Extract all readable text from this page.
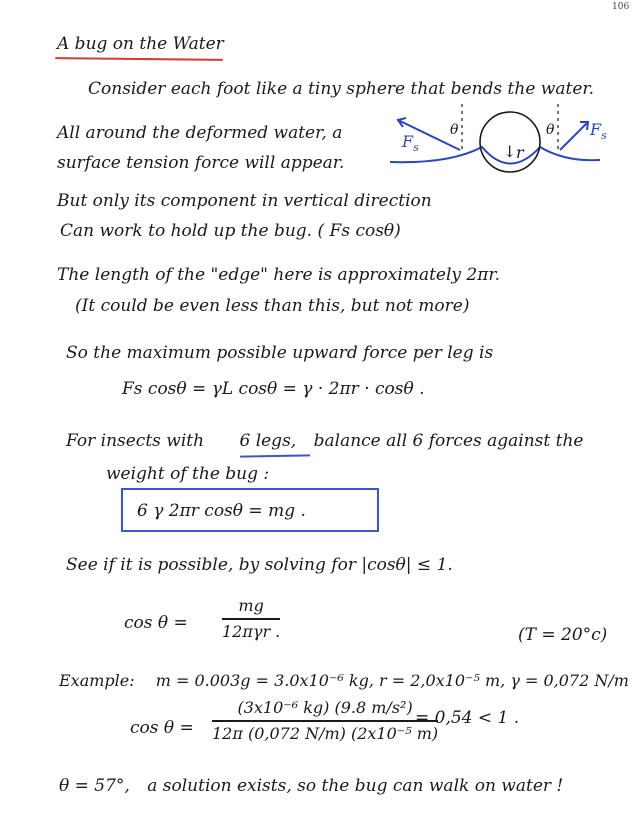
106
A bug on the Water
Consider each foot like a tiny sphere that bends the water.
All around the deformed water, a
surface tension force will appear.
$F_s$
$F_s$
θ	θ
↓ r
But only its component in vertical direction
Can work to hold up the bug. ( Fs cosθ)
The length of the "edge" here is approximately 2πr.
(It could be even less than this, but not more)
So the maximum possible upward force per leg is
Fs cosθ = γL cosθ = γ · 2πr · cosθ .
For insects with 6 legs, balance all 6 forces against the
weight of the bug :
6 γ 2πr cosθ = mg .
See if it is possible, by solving for |cosθ| ≤ 1.
cos θ =
mg
12πγr .	(T = 20°c)
Example: m = 0.003g = 3.0x10⁻⁶ kg, r = 2,0x10⁻⁵ m, γ = 0,072 N/m
cos θ =
(3x10⁻⁶ kg) (9.8 m/s²)
12π (0,072 N/m) (2x10⁻⁵ m)
= 0,54 < 1 .
θ = 57°, a solution exists, so the bug can walk on water !
